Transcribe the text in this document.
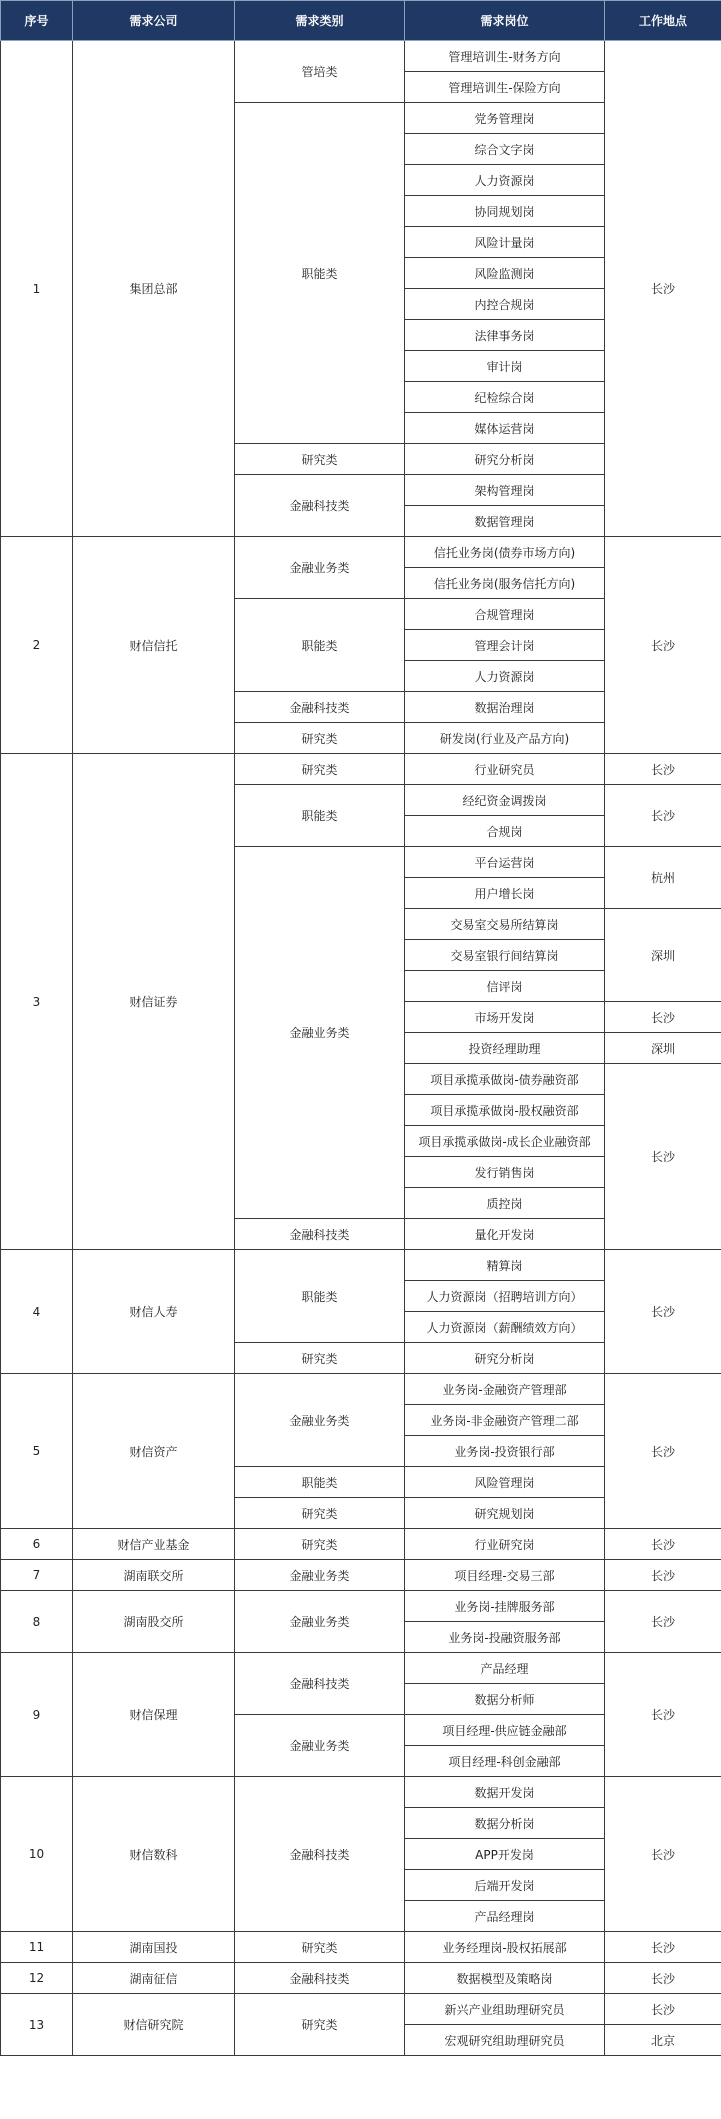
序号	需求公司	需求类别	需求岗位	工作地点
1	集团总部	管培类	管理培训生-财务方向	长沙
			管理培训生-保险方向	
		职能类	党务管理岗	
			综合文字岗	
			人力资源岗	
			协同规划岗	
			风险计量岗	
			风险监测岗	
			内控合规岗	
			法律事务岗	
			审计岗	
			纪检综合岗	
			媒体运营岗	
		研究类	研究分析岗	
		金融科技类	架构管理岗	
			数据管理岗	
2	财信信托	金融业务类	信托业务岗(债券市场方向)	长沙
			信托业务岗(服务信托方向)	
		职能类	合规管理岗	
			管理会计岗	
			人力资源岗	
		金融科技类	数据治理岗	
		研究类	研发岗(行业及产品方向)	
3	财信证券	研究类	行业研究员	长沙
		职能类	经纪资金调拨岗	长沙
			合规岗	
		金融业务类	平台运营岗	杭州
			用户增长岗	
			交易室交易所结算岗	深圳
			交易室银行间结算岗	
			信评岗	
			市场开发岗	长沙
			投资经理助理	深圳
			项目承揽承做岗-债券融资部	长沙
			项目承揽承做岗-股权融资部	
			项目承揽承做岗-成长企业融资部	
			发行销售岗	
			质控岗	
		金融科技类	量化开发岗	
4	财信人寿	职能类	精算岗	长沙
			人力资源岗（招聘培训方向）	
			人力资源岗（薪酬绩效方向）	
		研究类	研究分析岗	
5	财信资产	金融业务类	业务岗-金融资产管理部	长沙
			业务岗-非金融资产管理二部	
			业务岗-投资银行部	
		职能类	风险管理岗	
		研究类	研究规划岗	
6	财信产业基金	研究类	行业研究岗	长沙
7	湖南联交所	金融业务类	项目经理-交易三部	长沙
8	湖南股交所	金融业务类	业务岗-挂牌服务部	长沙
			业务岗-投融资服务部	
9	财信保理	金融科技类	产品经理	长沙
			数据分析师	
		金融业务类	项目经理-供应链金融部	
			项目经理-科创金融部	
10	财信数科	金融科技类	数据开发岗	长沙
			数据分析岗	
			APP开发岗	
			后端开发岗	
			产品经理岗	
11	湖南国投	研究类	业务经理岗-股权拓展部	长沙
12	湖南征信	金融科技类	数据模型及策略岗	长沙
13	财信研究院	研究类	新兴产业组助理研究员	长沙
			宏观研究组助理研究员	北京
